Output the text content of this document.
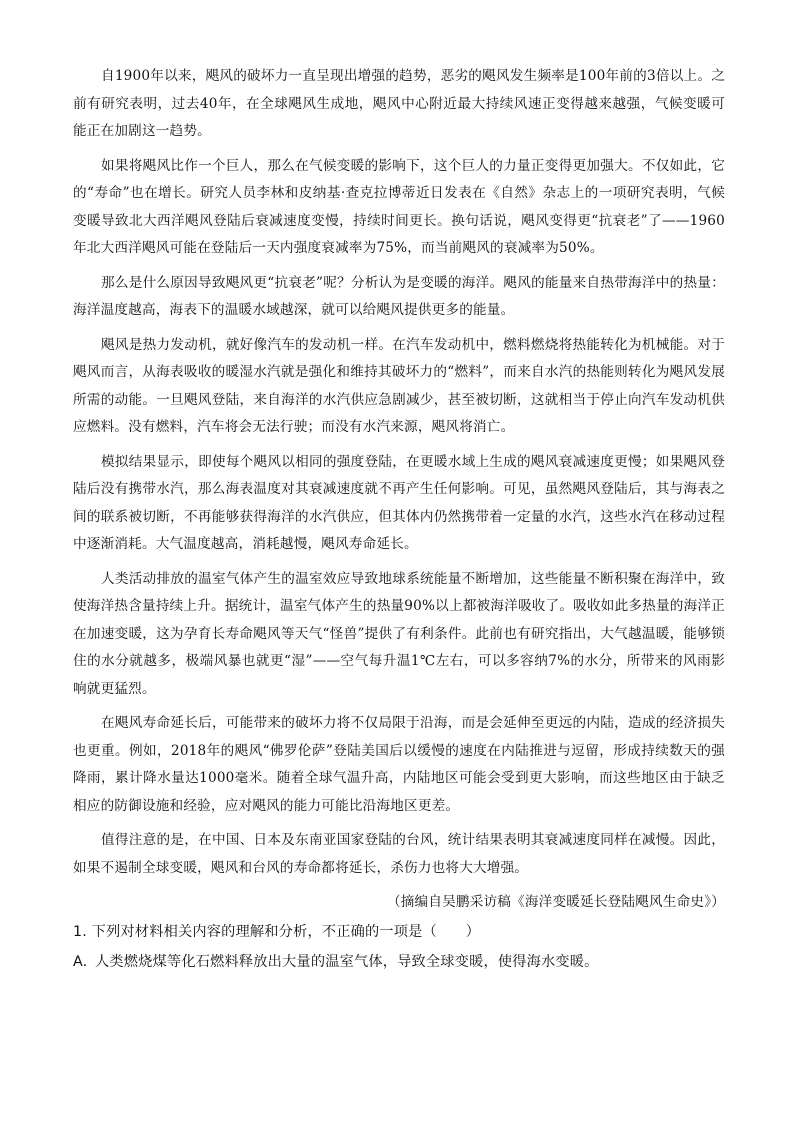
自1900年以来，飓风的破坏力一直呈现出增强的趋势，恶劣的飓风发生频率是100年前的3倍以上。之前有研究表明，过去40年，在全球飓风生成地，飓风中心附近最大持续风速正变得越来越强，气候变暖可能正在加剧这一趋势。

如果将飓风比作一个巨人，那么在气候变暖的影响下，这个巨人的力量正变得更加强大。不仅如此，它的“寿命”也在增长。研究人员李林和皮纳基·查克拉博蒂近日发表在《自然》杂志上的一项研究表明，气候变暖导致北大西洋飓风登陆后衰减速度变慢，持续时间更长。换句话说，飓风变得更“抗衰老”了——1960年北大西洋飓风可能在登陆后一天内强度衰减率为75%，而当前飓风的衰减率为50%。

那么是什么原因导致飓风更“抗衰老”呢？分析认为是变暖的海洋。飓风的能量来自热带海洋中的热量：海洋温度越高，海表下的温暖水域越深，就可以给飓风提供更多的能量。

飓风是热力发动机，就好像汽车的发动机一样。在汽车发动机中，燃料燃烧将热能转化为机械能。对于飓风而言，从海表吸收的暖湿水汽就是强化和维持其破坏力的“燃料”，而来自水汽的热能则转化为飓风发展所需的动能。一旦飓风登陆，来自海洋的水汽供应急剧减少，甚至被切断，这就相当于停止向汽车发动机供应燃料。没有燃料，汽车将会无法行驶；而没有水汽来源，飓风将消亡。

模拟结果显示，即使每个飓风以相同的强度登陆，在更暖水域上生成的飓风衰减速度更慢；如果飓风登陆后没有携带水汽，那么海表温度对其衰减速度就不再产生任何影响。可见，虽然飓风登陆后，其与海表之间的联系被切断，不再能够获得海洋的水汽供应，但其体内仍然携带着一定量的水汽，这些水汽在移动过程中逐渐消耗。大气温度越高，消耗越慢，飓风寿命延长。

人类活动排放的温室气体产生的温室效应导致地球系统能量不断增加，这些能量不断积聚在海洋中，致使海洋热含量持续上升。据统计，温室气体产生的热量90%以上都被海洋吸收了。吸收如此多热量的海洋正在加速变暖，这为孕育长寿命飓风等天气“怪兽”提供了有利条件。此前也有研究指出，大气越温暖，能够锁住的水分就越多，极端风暴也就更“湿”——空气每升温1℃左右，可以多容纳7%的水分，所带来的风雨影响就更猛烈。

在飓风寿命延长后，可能带来的破坏力将不仅局限于沿海，而是会延伸至更远的内陆，造成的经济损失也更重。例如，2018年的飓风“佛罗伦萨”登陆美国后以缓慢的速度在内陆推进与逗留，形成持续数天的强降雨，累计降水量达1000毫米。随着全球气温升高，内陆地区可能会受到更大影响，而这些地区由于缺乏相应的防御设施和经验，应对飓风的能力可能比沿海地区更差。

值得注意的是，在中国、日本及东南亚国家登陆的台风，统计结果表明其衰减速度同样在减慢。因此，如果不遏制全球变暖，飓风和台风的寿命都将延长，杀伤力也将大大增强。

（摘编自吴鹏采访稿《海洋变暖延长登陆飓风生命史》）
1. 下列对材料相关内容的理解和分析，不正确的一项是（　　）
A. 人类燃烧煤等化石燃料释放出大量的温室气体，导致全球变暖，使得海水变暖。
